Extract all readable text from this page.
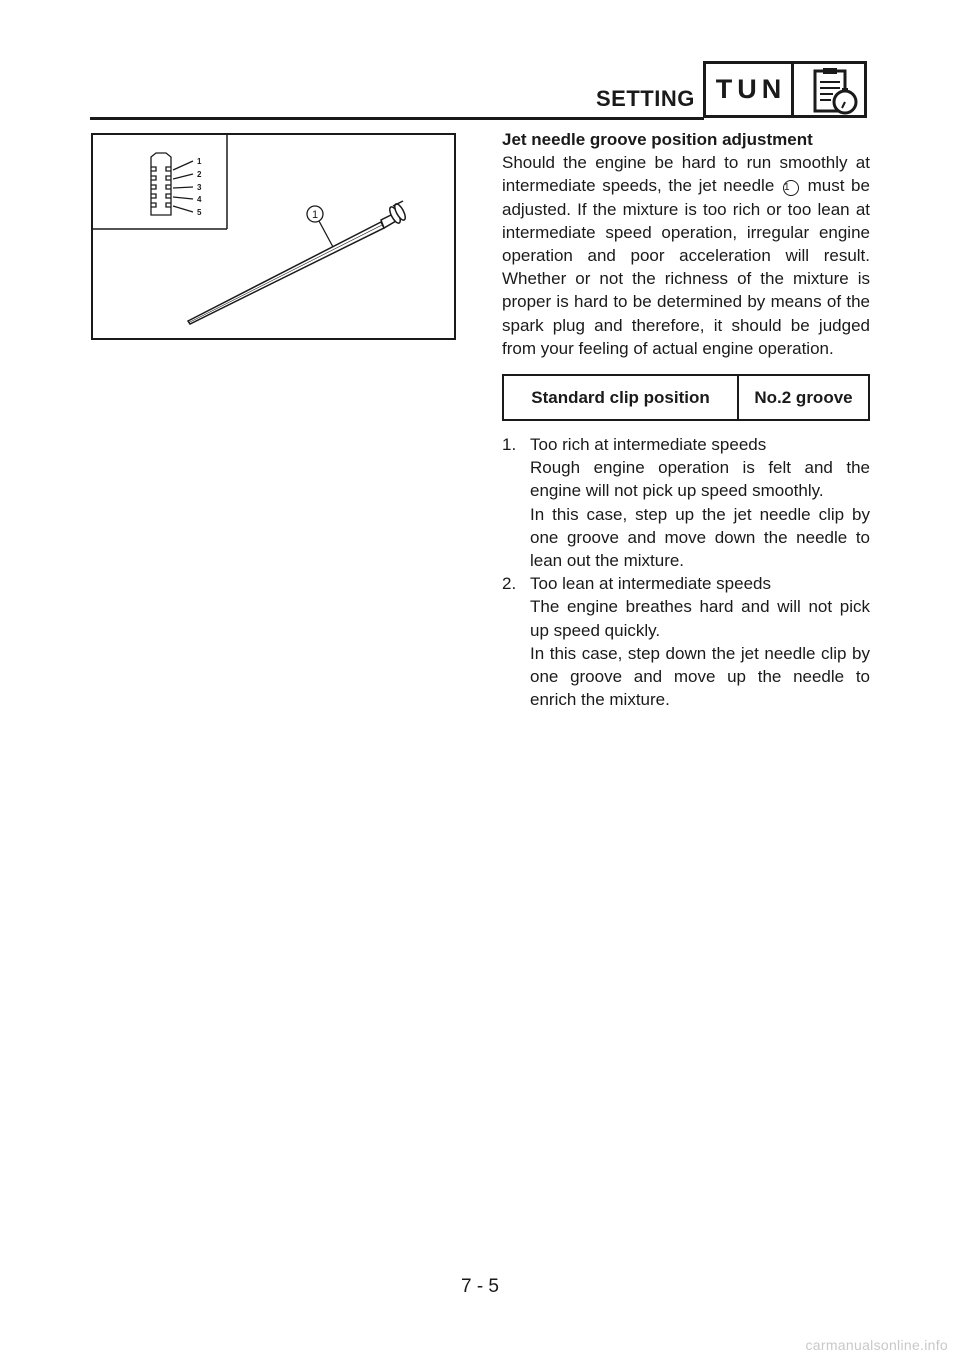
SETTING TUN
1
2
3
4
5	1

Jet needle groove position adjustment

Should the engine be hard to run smoothly at intermediate speeds, the jet needle 1 must be adjusted. If the mixture is too rich or too lean at intermediate speed operation, irregular engine operation and poor acceleration will result. Whether or not the richness of the mixture is proper is hard to be determined by means of the spark plug and therefore, it should be judged from your feeling of actual engine operation.

Standard clip position	No.2 groove

1. Too rich at intermediate speeds

Rough engine operation is felt and the engine will not pick up speed smoothly.

In this case, step up the jet needle clip by one groove and move down the needle to lean out the mixture.

2. Too lean at intermediate speeds

The engine breathes hard and will not pick up speed quickly.

In this case, step down the jet needle clip by one groove and move up the needle to enrich the mixture.

7 - 5
carmanualsonline.info
